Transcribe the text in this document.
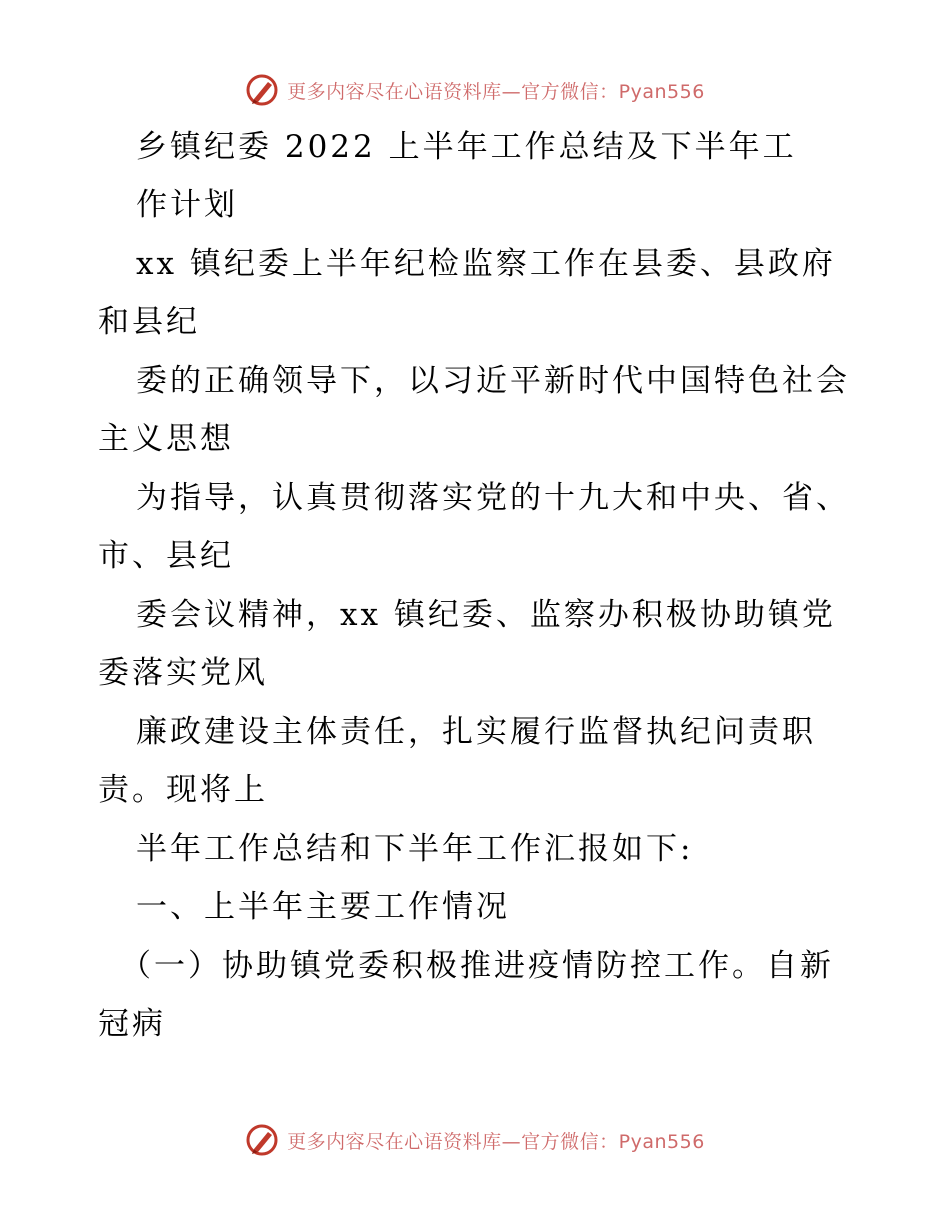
更多内容尽在心语资料库—官方微信：Pyan556
乡镇纪委 2022 上半年工作总结及下半年工
作计划
xx 镇纪委上半年纪检监察工作在县委、县政府
和县纪
委的正确领导下，以习近平新时代中国特色社会
主义思想
为指导，认真贯彻落实党的十九大和中央、省、
市、县纪
委会议精神，xx 镇纪委、监察办积极协助镇党
委落实党风
廉政建设主体责任，扎实履行监督执纪问责职
责。现将上
半年工作总结和下半年工作汇报如下:
一、上半年主要工作情况
（一）协助镇党委积极推进疫情防控工作。自新
冠病
更多内容尽在心语资料库—官方微信：Pyan556
